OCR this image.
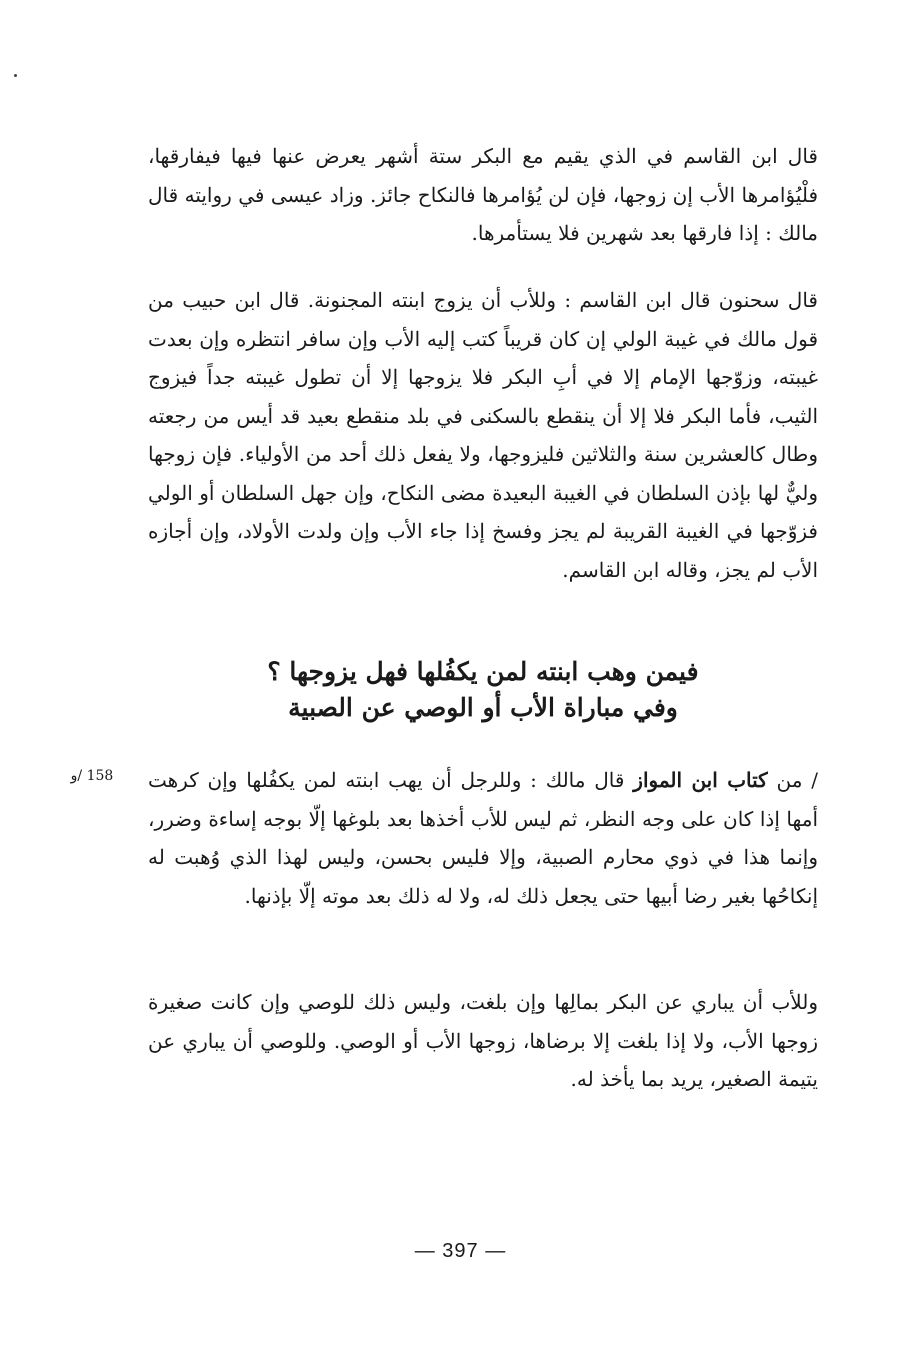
قال ابن القاسم في الذي يقيم مع البكر ستة أشهر يعرض عنها فيها فيفارقها، فلْيُؤامرها الأب إن زوجها، فإن لن يُؤامرها فالنكاح جائز. وزاد عيسى في روايته قال مالك : إذا فارقها بعد شهرين فلا يستأمرها.

قال سحنون قال ابن القاسم : وللأب أن يزوج ابنته المجنونة. قال ابن حبيب من قول مالك في غيبة الولي إن كان قريباً كتب إليه الأب وإن سافر انتظره وإن بعدت غيبته، وزوّجها الإمام إلا في أبِ البكر فلا يزوجها إلا أن تطول غيبته جداً فيزوج الثيب، فأما البكر فلا إلا أن ينقطع بالسكنى في بلد منقطع بعيد قد أيس من رجعته وطال كالعشرين سنة والثلاثين فليزوجها، ولا يفعل ذلك أحد من الأولياء. فإن زوجها وليٌّ لها بإذن السلطان في الغيبة البعيدة مضى النكاح، وإن جهل السلطان أو الولي فزوّجها في الغيبة القريبة لم يجز وفسخ إذا جاء الأب وإن ولدت الأولاد، وإن أجازه الأب لم يجز، وقاله ابن القاسم.

فيمن وهب ابنته لمن يكفُلها فهل يزوجها ؟
وفي مباراة الأب أو الوصي عن الصبية
158 /و	/ من كتاب ابن المواز قال مالك : وللرجل أن يهب ابنته لمن يكفُلها وإن كرهت أمها إذا كان على وجه النظر، ثم ليس للأب أخذها بعد بلوغها إلّا بوجه إساءة وضرر، وإنما هذا في ذوي محارم الصبية، وإلا فليس بحسن، وليس لهذا الذي وُهبت له إنكاحُها بغير رضا أبيها حتى يجعل ذلك له، ولا له ذلك بعد موته إلّا بإذنها.

وللأب أن يباري عن البكر بمالِها وإن بلغت، وليس ذلك للوصي وإن كانت صغيرة زوجها الأب، ولا إذا بلغت إلا برضاها، زوجها الأب أو الوصي. وللوصي أن يباري عن يتيمة الصغير، يريد بما يأخذ له.

— 397 —
